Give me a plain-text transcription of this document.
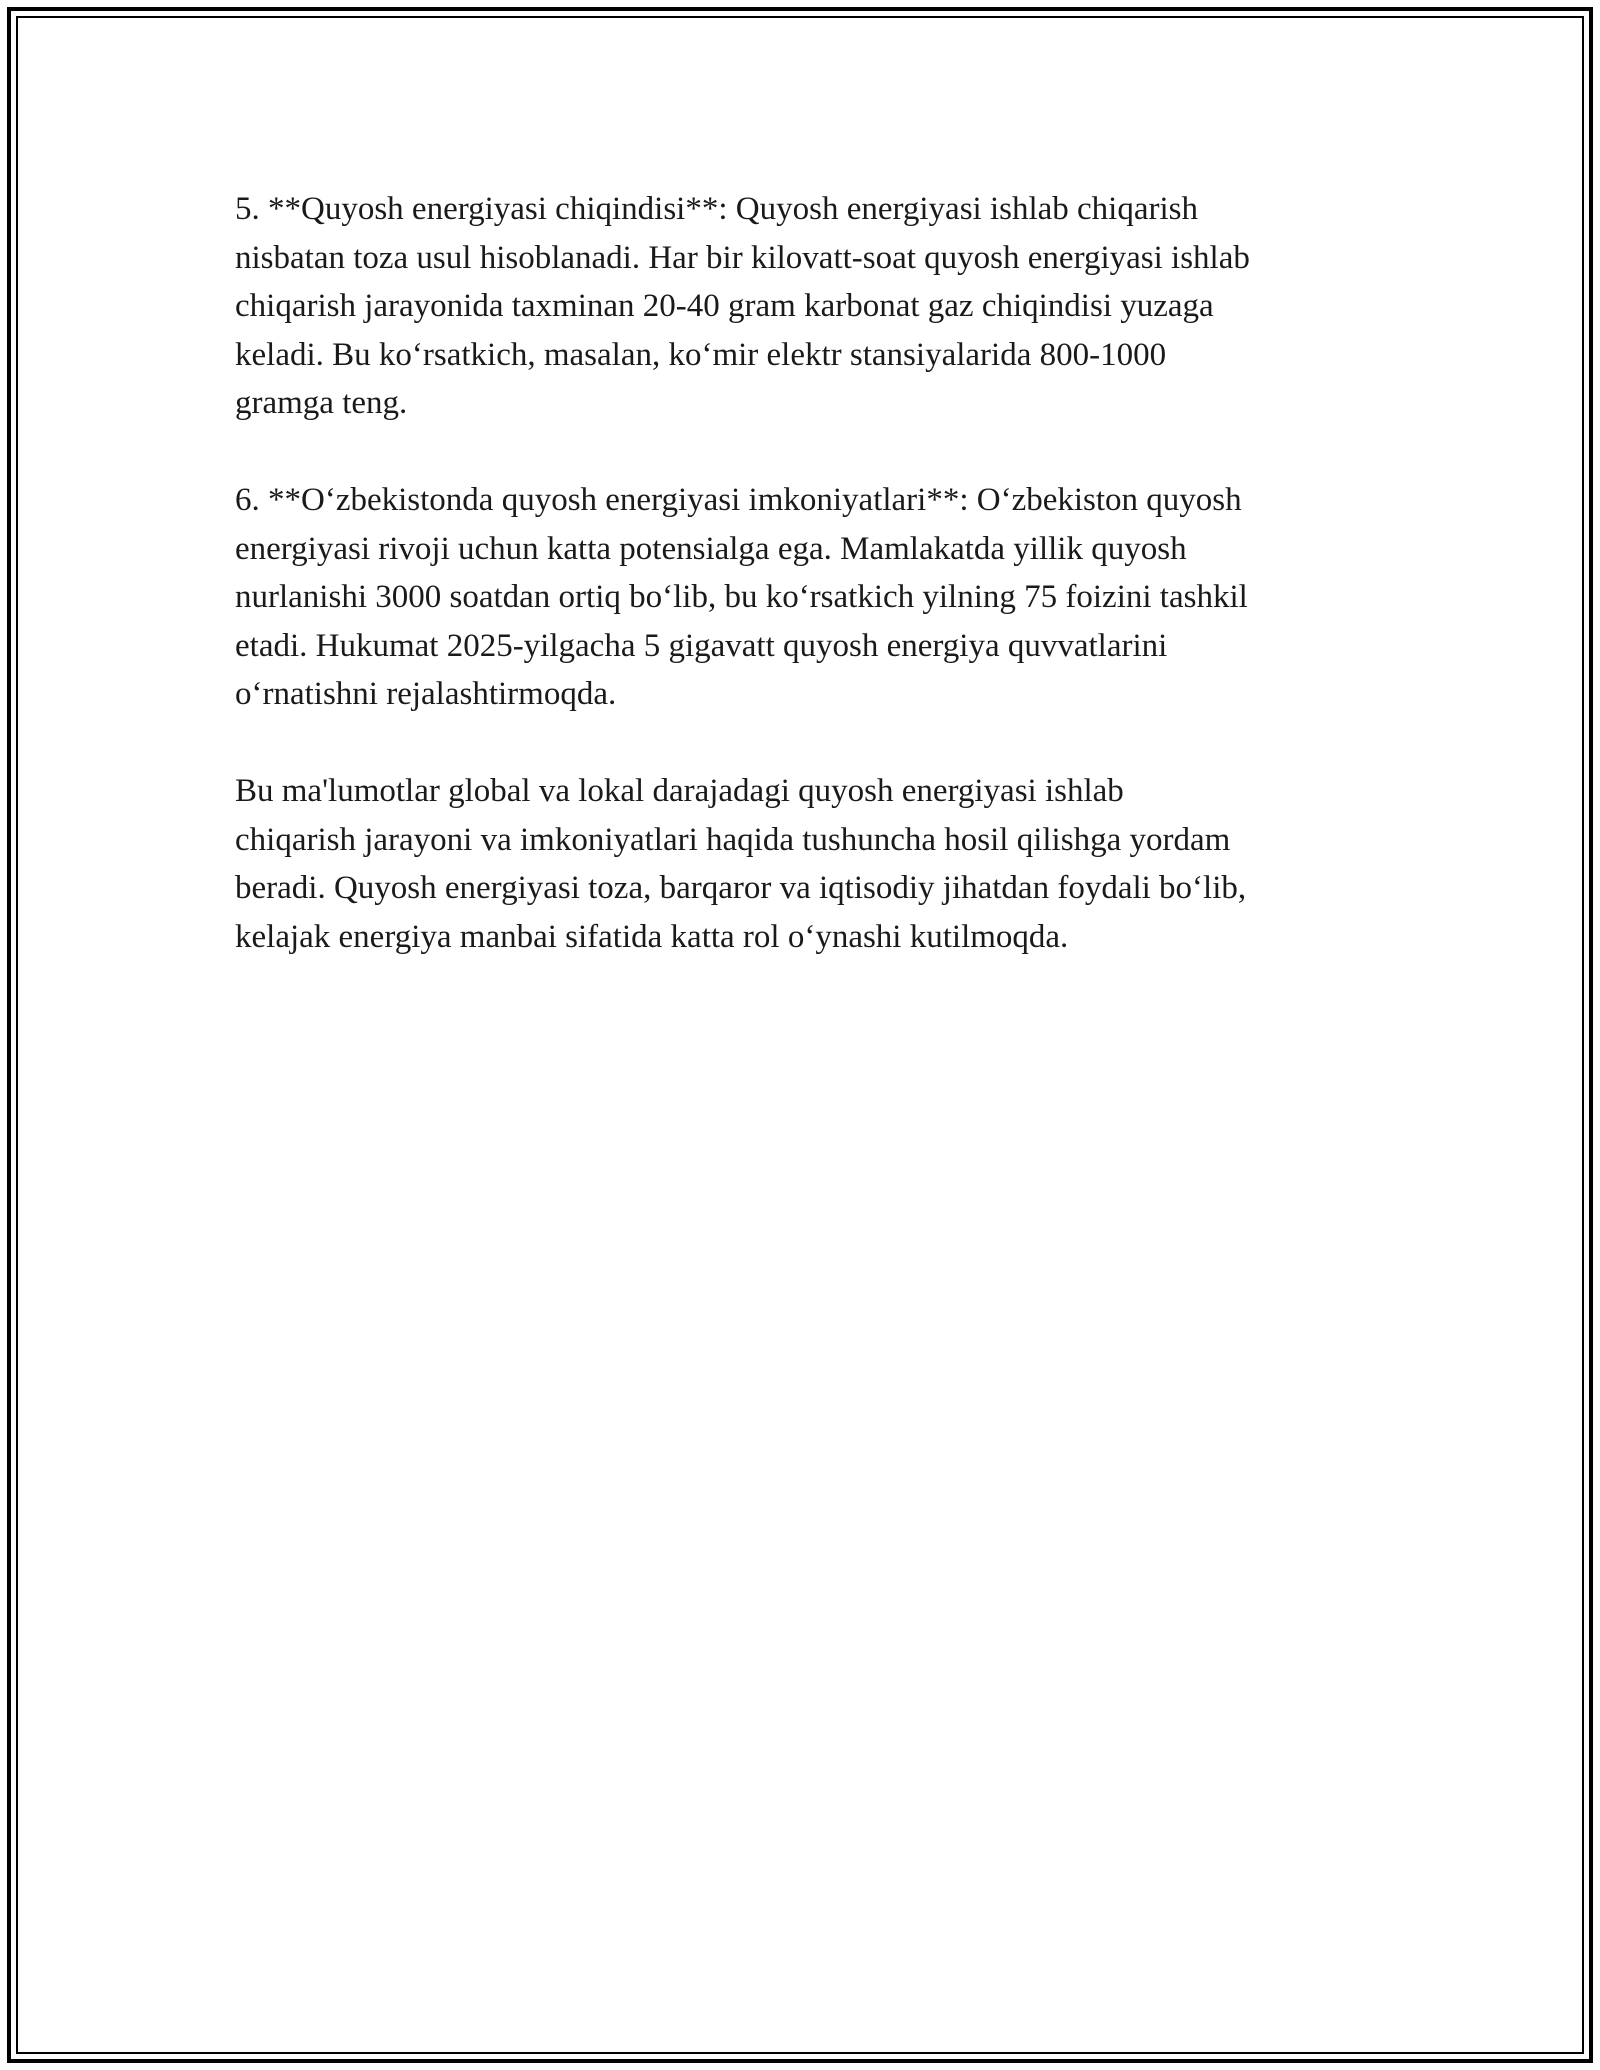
5. **Quyosh energiyasi chiqindisi**: Quyosh energiyasi ishlab chiqarish
nisbatan toza usul hisoblanadi. Har bir kilovatt-soat quyosh energiyasi ishlab
chiqarish jarayonida taxminan 20-40 gram karbonat gaz chiqindisi yuzaga
keladi. Bu ko‘rsatkich, masalan, ko‘mir elektr stansiyalarida 800-1000
gramga teng.

6. **O‘zbekistonda quyosh energiyasi imkoniyatlari**: O‘zbekiston quyosh
energiyasi rivoji uchun katta potensialga ega. Mamlakatda yillik quyosh
nurlanishi 3000 soatdan ortiq bo‘lib, bu ko‘rsatkich yilning 75 foizini tashkil
etadi. Hukumat 2025-yilgacha 5 gigavatt quyosh energiya quvvatlarini
o‘rnatishni rejalashtirmoqda.

Bu ma'lumotlar global va lokal darajadagi quyosh energiyasi ishlab
chiqarish jarayoni va imkoniyatlari haqida tushuncha hosil qilishga yordam
beradi. Quyosh energiyasi toza, barqaror va iqtisodiy jihatdan foydali bo‘lib,
kelajak energiya manbai sifatida katta rol o‘ynashi kutilmoqda.
